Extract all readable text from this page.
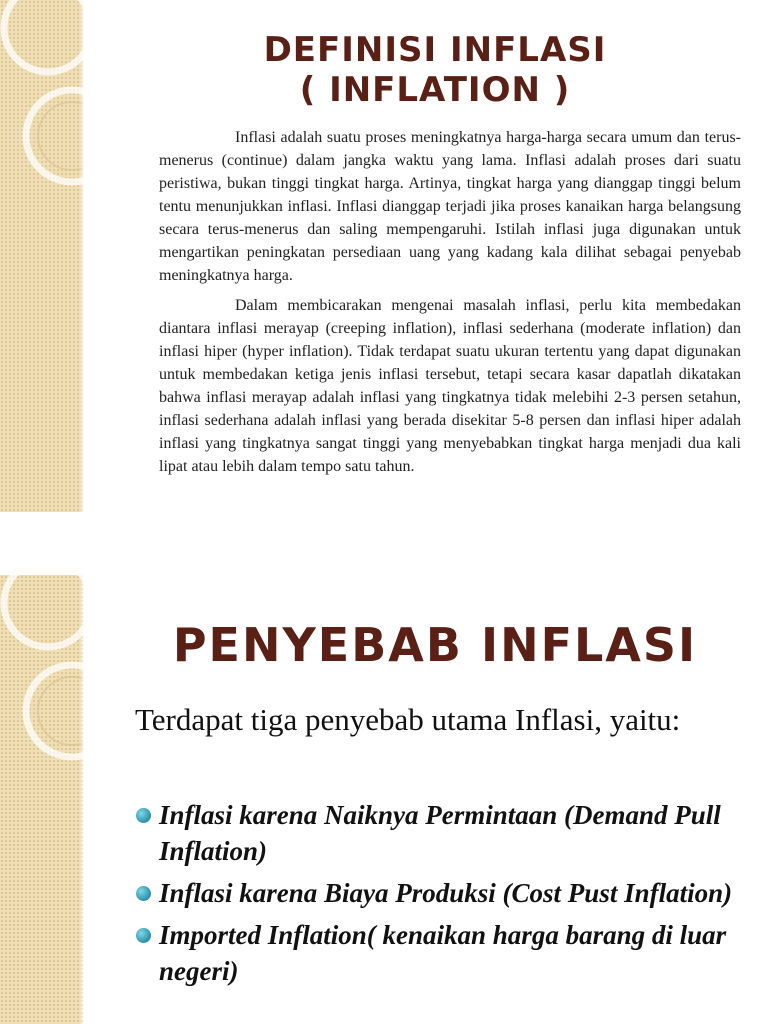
DEFINISI INFLASI
( INFLATION )

Inflasi adalah suatu proses meningkatnya harga-harga secara umum dan terus-menerus (continue) dalam jangka waktu yang lama. Inflasi adalah proses dari suatu peristiwa, bukan tinggi tingkat harga. Artinya, tingkat harga yang dianggap tinggi belum tentu menunjukkan inflasi. Inflasi dianggap terjadi jika proses kanaikan harga belangsung secara terus-menerus dan saling mempengaruhi. Istilah inflasi juga digunakan untuk mengartikan peningkatan persediaan uang yang kadang kala dilihat sebagai penyebab meningkatnya harga.

Dalam membicarakan mengenai masalah inflasi, perlu kita membedakan diantara inflasi merayap (creeping inflation), inflasi sederhana (moderate inflation) dan inflasi hiper (hyper inflation). Tidak terdapat suatu ukuran tertentu yang dapat digunakan untuk membedakan ketiga jenis inflasi tersebut, tetapi secara kasar dapatlah dikatakan bahwa inflasi merayap adalah inflasi yang tingkatnya tidak melebihi 2-3 persen setahun, inflasi sederhana adalah inflasi yang berada disekitar 5-8 persen dan inflasi hiper adalah inflasi yang tingkatnya sangat tinggi yang menyebabkan tingkat harga menjadi dua kali lipat atau lebih dalam tempo satu tahun.

PENYEBAB INFLASI

Terdapat tiga penyebab utama Inflasi, yaitu:

Inflasi karena Naiknya Permintaan (Demand Pull Inflation)
Inflasi karena Biaya Produksi (Cost Pust Inflation)
Imported Inflation( kenaikan harga barang di luar negeri)
